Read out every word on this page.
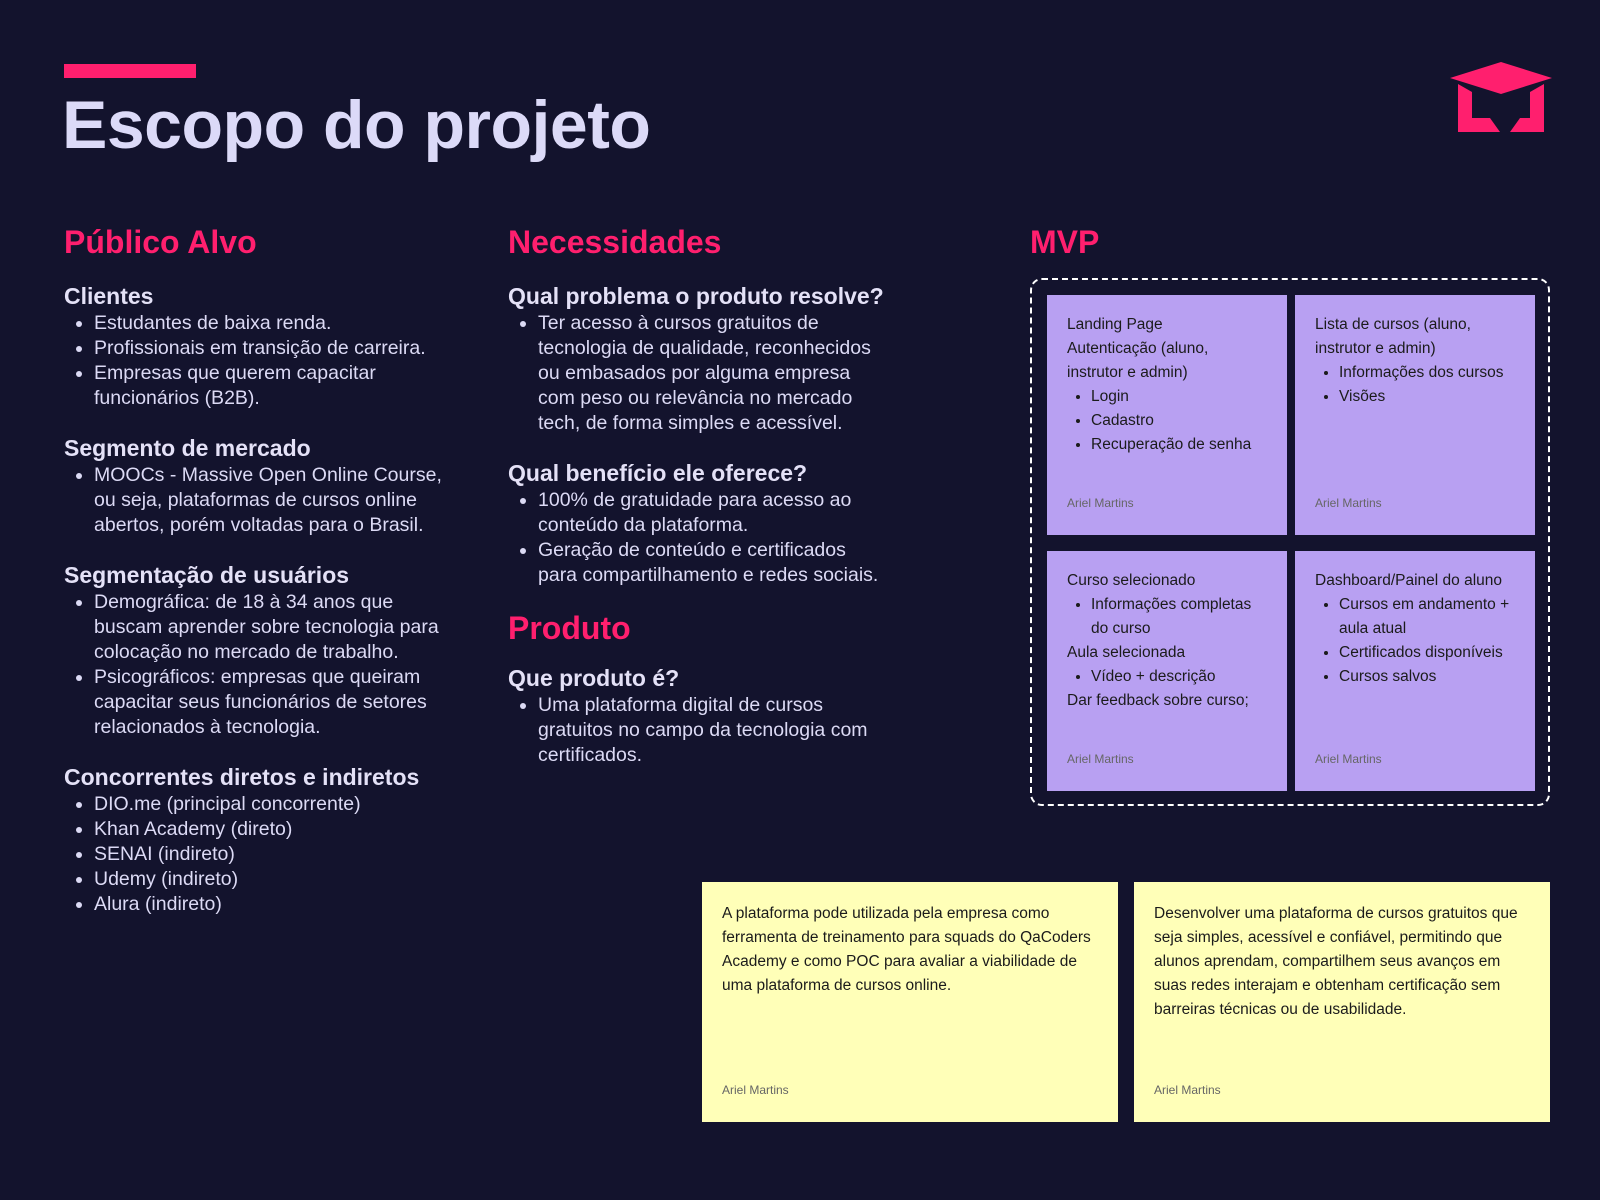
Escopo do projeto
Público Alvo
Clientes
• Estudantes de baixa renda.
• Profissionais em transição de carreira.
• Empresas que querem capacitar funcionários (B2B).
Segmento de mercado
• MOOCs - Massive Open Online Course, ou seja, plataformas de cursos online abertos, porém voltadas para o Brasil.
Segmentação de usuários
• Demográfica: de 18 à 34 anos que buscam aprender sobre tecnologia para colocação no mercado de trabalho.
• Psicográficos: empresas que queiram capacitar seus funcionários de setores relacionados à tecnologia.
Concorrentes diretos e indiretos
• DIO.me (principal concorrente)
• Khan Academy (direto)
• SENAI (indireto)
• Udemy (indireto)
• Alura (indireto)
Necessidades
Qual problema o produto resolve?
• Ter acesso à cursos gratuitos de tecnologia de qualidade, reconhecidos ou embasados por alguma empresa com peso ou relevância no mercado tech, de forma simples e acessível.
Qual benefício ele oferece?
• 100% de gratuidade para acesso ao conteúdo da plataforma.
• Geração de conteúdo e certificados para compartilhamento e redes sociais.
Produto
Que produto é?
• Uma plataforma digital de cursos gratuitos no campo da tecnologia com certificados.
MVP
Landing Page
Autenticação (aluno, instrutor e admin)
• Login
• Cadastro
• Recuperação de senha
Ariel Martins
Lista de cursos (aluno, instrutor e admin)
• Informações dos cursos
• Visões
Ariel Martins
Curso selecionado
• Informações completas do curso
Aula selecionada
• Vídeo + descrição
Dar feedback sobre curso;
Ariel Martins
Dashboard/Painel do aluno
• Cursos em andamento + aula atual
• Certificados disponíveis
• Cursos salvos
Ariel Martins
A plataforma pode utilizada pela empresa como ferramenta de treinamento para squads do QaCoders Academy e como POC para avaliar a viabilidade de uma plataforma de cursos online.
Ariel Martins
Desenvolver uma plataforma de cursos gratuitos que seja simples, acessível e confiável, permitindo que alunos aprendam, compartilhem seus avanços em suas redes interajam e obtenham certificação sem barreiras técnicas ou de usabilidade.
Ariel Martins
